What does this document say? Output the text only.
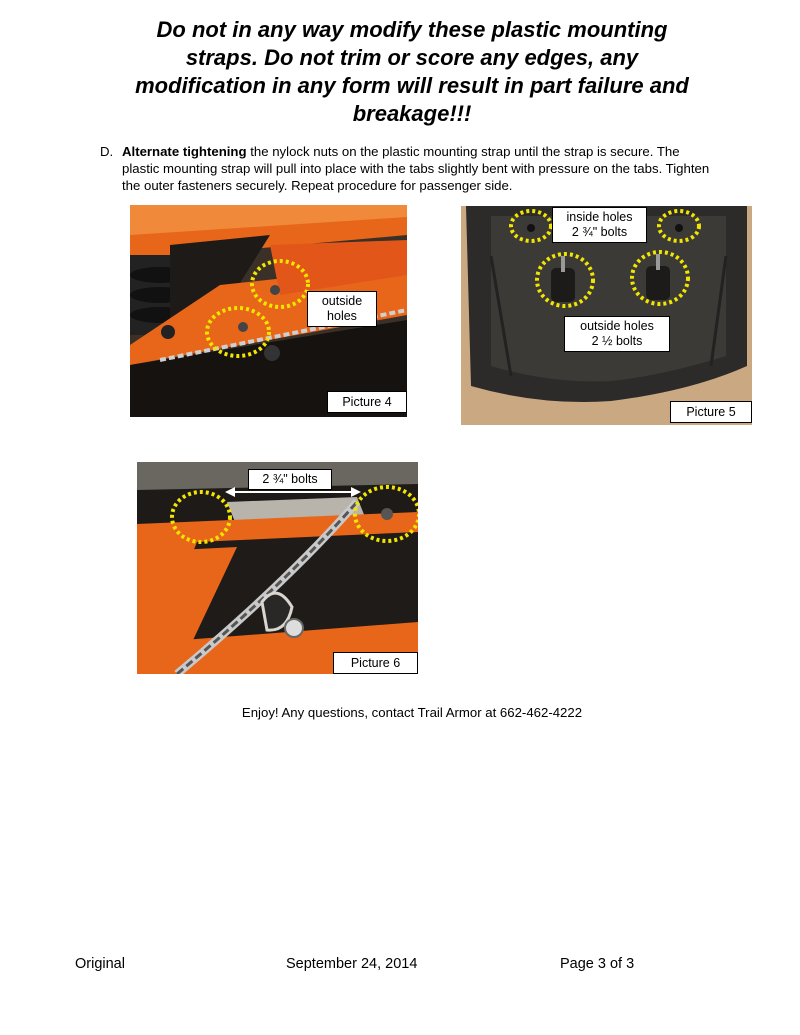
Do not in any way modify these plastic mounting
straps. Do not trim or score any edges, any
modification in any form will result in part failure and
breakage!!!
D. Alternate tightening the nylock nuts on the plastic mounting strap until the strap is secure. The plastic mounting strap will pull into place with the tabs slightly bent with pressure on the tabs. Tighten the outer fasteners securely. Repeat procedure for passenger side.
outside
holes
Picture 4
inside holes
2 ¾" bolts
outside holes
2 ½ bolts
Picture 5
2 ¾" bolts
Picture 6
Enjoy! Any questions, contact Trail Armor at 662-462-4222
Original	September 24, 2014	Page 3 of 3
